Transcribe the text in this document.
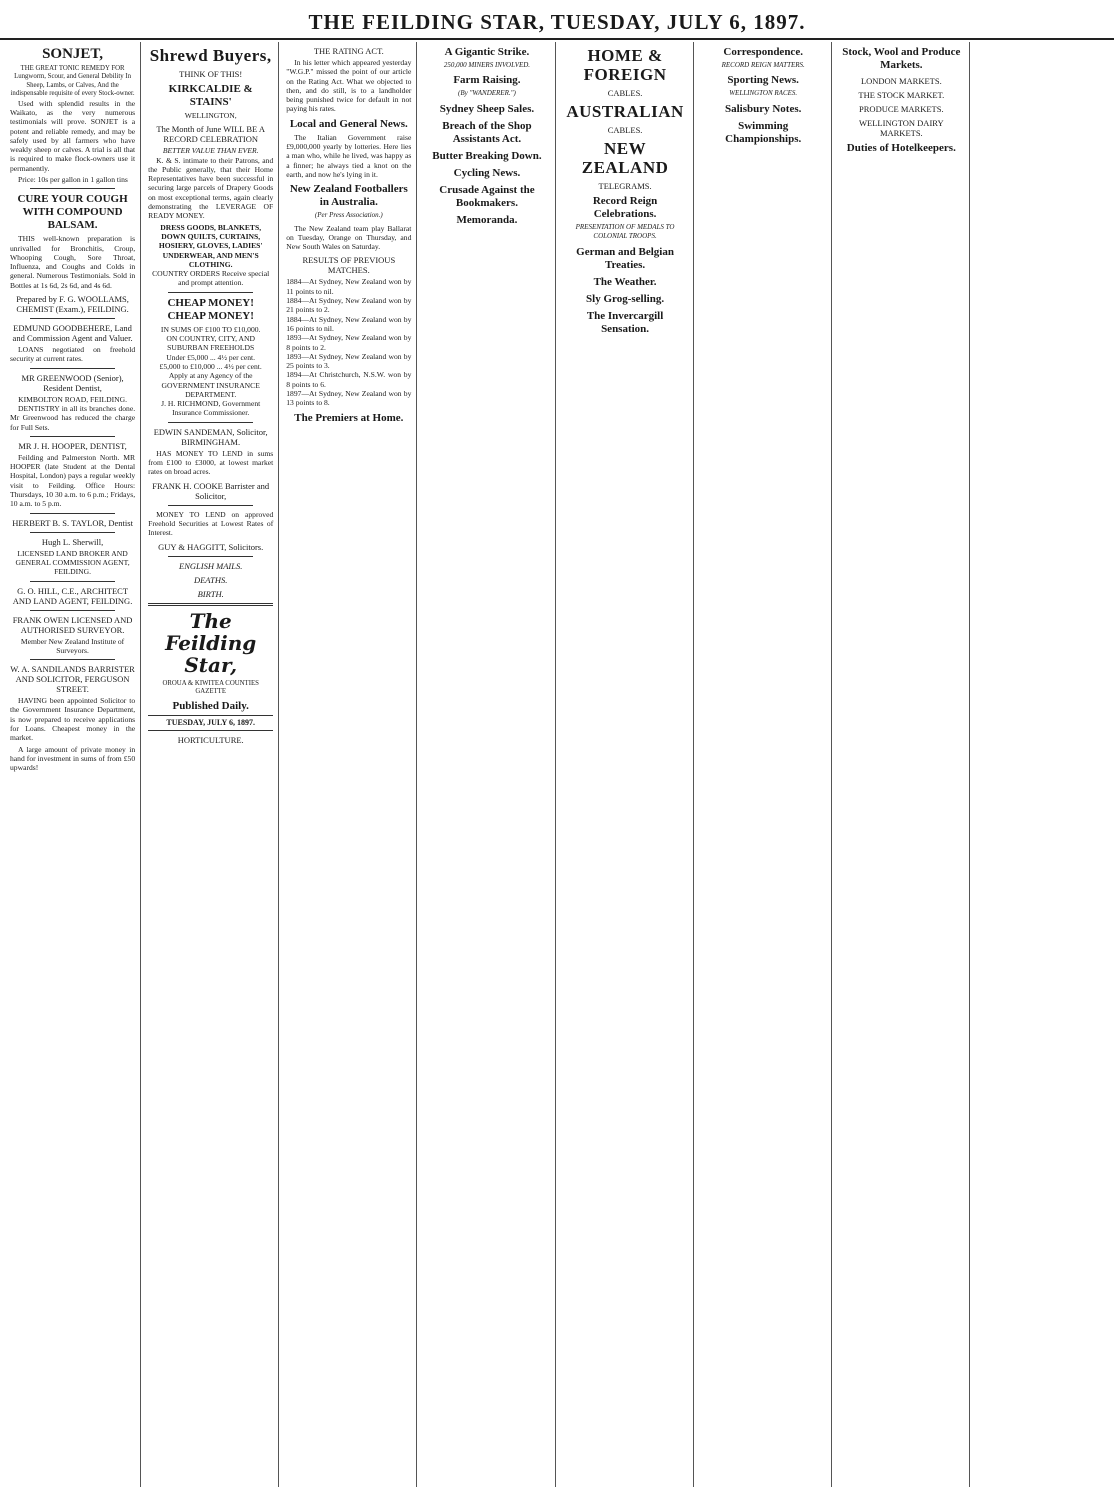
THE FEILDING STAR, TUESDAY, JULY 6, 1897.
SONJET,
THE GREAT TONIC REMEDY FOR Lungworm, Scour, and General Debility In Sheep, Lambs, or Calves, And the indispensable requisite of every Stock-owner.

Used with splendid results in the Waikato, as the very numerous testimonials will prove. SONJET is a potent and reliable remedy, and may be safely used by all farmers who have weakly sheep or calves. A trial is all that is required to make flock-owners use it permanently.

Price: 10s per gallon in 1 gallon tins

CURE YOUR COUGH WITH COMPOUND BALSAM.

THIS well-known preparation is unrivalled for Bronchitis, Croup, Whooping Cough, Sore Throat, Influenza, and Coughs and Colds in general. Numerous Testimonials. Sold in Bottles at 1s 6d, 2s 6d, and 4s 6d.

Prepared by F. G. WOOLLAMS, CHEMIST (Exam.), FEILDING.
EDMUND GOODBEHERE, Land and Commission Agent and Valuer.

LOANS negotiated on freehold security at current rates.

MR GREENWOOD (Senior), Resident Dentist,
KIMBOLTON ROAD, FEILDING.

DENTISTRY in all its branches done. Mr Greenwood has reduced the charge for Full Sets.

MR J. H. HOOPER, DENTIST,

Feilding and Palmerston North. MR HOOPER (late Student at the Dental Hospital, London) pays a regular weekly visit to Feilding. Office Hours: Thursdays, 10 30 a.m. to 6 p.m.; Fridays, 10 a.m. to 5 p.m.

HERBERT B. S. TAYLOR, Dentist
Hugh L. Sherwill,
LICENSED LAND BROKER AND GENERAL COMMISSION AGENT, FEILDING.
G. O. HILL, C.E., ARCHITECT AND LAND AGENT, FEILDING.
FRANK OWEN LICENSED AND AUTHORISED SURVEYOR.
Member New Zealand Institute of Surveyors.
W. A. SANDILANDS BARRISTER AND SOLICITOR, FERGUSON STREET.

HAVING been appointed Solicitor to the Government Insurance Department, is now prepared to receive applications for Loans. Cheapest money in the market.

A large amount of private money in hand for investment in sums of from £50 upwards!

Shrewd Buyers,
THINK OF THIS!
KIRKCALDIE & STAINS'
WELLINGTON,
The Month of June WILL BE A RECORD CELEBRATION
BETTER VALUE THAN EVER.

K. & S. intimate to their Patrons, and the Public generally, that their Home Representatives have been successful in securing large parcels of Drapery Goods on most exceptional terms, again clearly demonstrating the LEVERAGE OF READY MONEY.

DRESS GOODS, BLANKETS, DOWN QUILTS, CURTAINS, HOSIERY, GLOVES, LADIES' UNDERWEAR, AND MEN'S CLOTHING.
COUNTRY ORDERS Receive special and prompt attention.
CHEAP MONEY! CHEAP MONEY!
IN SUMS OF £100 TO £10,000.
ON COUNTRY, CITY, AND SUBURBAN FREEHOLDS
Under £5,000 ... 4½ per cent.
£5,000 to £10,000 ... 4½ per cent.
Apply at any Agency of the GOVERNMENT INSURANCE DEPARTMENT.
J. H. RICHMOND, Government Insurance Commissioner.
EDWIN SANDEMAN, Solicitor, BIRMINGHAM.

HAS MONEY TO LEND in sums from £100 to £3000, at lowest market rates on broad acres.

FRANK H. COOKE Barrister and Solicitor,

MONEY TO LEND on approved Freehold Securities at Lowest Rates of Interest.

GUY & HAGGITT, Solicitors.
ENGLISH MAILS.
DEATHS.
BIRTH.
The Feilding Star,
OROUA & KIWITEA COUNTIES GAZETTE
Published Daily.
TUESDAY, JULY 6, 1897.
HORTICULTURE.
THE RATING ACT.

In his letter which appeared yesterday "W.G.P." missed the point of our article on the Rating Act. What we objected to then, and do still, is to a landholder being punished twice for default in not paying his rates.

Local and General News.

The Italian Government raise £9,000,000 yearly by lotteries. Here lies a man who, while he lived, was happy as a finner; he always tied a knot on the earth, and now he's lying in it.

New Zealand Footballers in Australia.
(Per Press Association.)

The New Zealand team play Ballarat on Tuesday, Orange on Thursday, and New South Wales on Saturday.

RESULTS OF PREVIOUS MATCHES.
1884—At Sydney, New Zealand won by 11 points to nil.
1884—At Sydney, New Zealand won by 21 points to 2.
1884—At Sydney, New Zealand won by 16 points to nil.
1893—At Sydney, New Zealand won by 8 points to 2.
1893—At Sydney, New Zealand won by 25 points to 3.
1894—At Christchurch, N.S.W. won by 8 points to 6.
1897—At Sydney, New Zealand won by 13 points to 8.
The Premiers at Home.
A Gigantic Strike.
250,000 MINERS INVOLVED.
Farm Raising.
(By "WANDERER.")
Sydney Sheep Sales.
Breach of the Shop Assistants Act.
Butter Breaking Down.
Cycling News.
Crusade Against the Bookmakers.
Memoranda.
HOME & FOREIGN
CABLES.
AUSTRALIAN
CABLES.
NEW ZEALAND
TELEGRAMS.
Record Reign Celebrations.
PRESENTATION OF MEDALS TO COLONIAL TROOPS.
German and Belgian Treaties.
The Weather.
Sly Grog-selling.
The Invercargill Sensation.
Correspondence.
RECORD REIGN MATTERS.
Sporting News.
WELLINGTON RACES.
Salisbury Notes.
Swimming Championships.
Stock, Wool and Produce Markets.
LONDON MARKETS.
THE STOCK MARKET.
PRODUCE MARKETS.
WELLINGTON DAIRY MARKETS.
Duties of Hotelkeepers.
